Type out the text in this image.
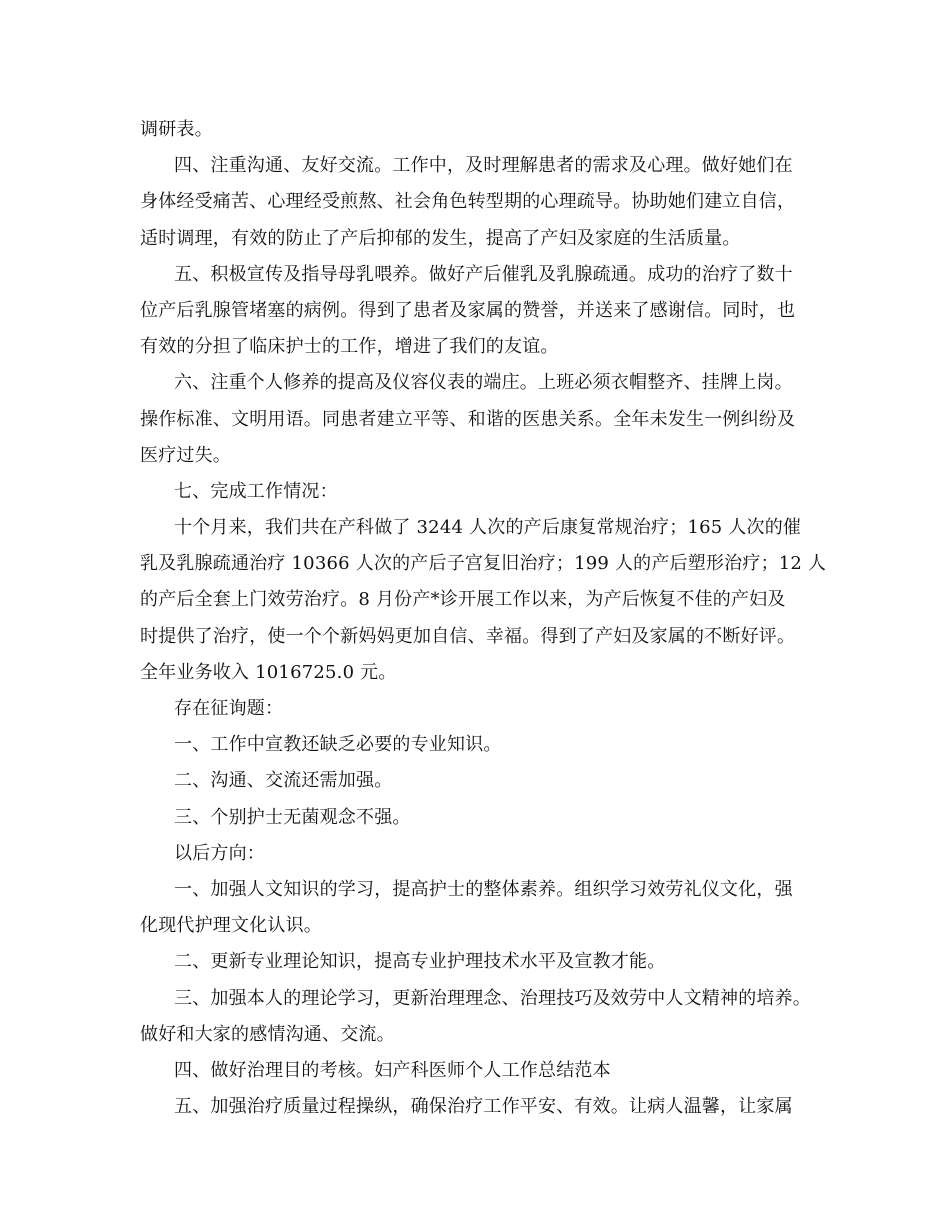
调研表。
四、注重沟通、友好交流。工作中，及时理解患者的需求及心理。做好她们在
身体经受痛苦、心理经受煎熬、社会角色转型期的心理疏导。协助她们建立自信，
适时调理，有效的防止了产后抑郁的发生，提高了产妇及家庭的生活质量。
五、积极宣传及指导母乳喂养。做好产后催乳及乳腺疏通。成功的治疗了数十
位产后乳腺管堵塞的病例。得到了患者及家属的赞誉，并送来了感谢信。同时，也
有效的分担了临床护士的工作，增进了我们的友谊。
六、注重个人修养的提高及仪容仪表的端庄。上班必须衣帽整齐、挂牌上岗。
操作标准、文明用语。同患者建立平等、和谐的医患关系。全年未发生一例纠纷及
医疗过失。
七、完成工作情况：
十个月来，我们共在产科做了 3244 人次的产后康复常规治疗；165 人次的催
乳及乳腺疏通治疗 10366 人次的产后子宫复旧治疗；199 人的产后塑形治疗；12 人
的产后全套上门效劳治疗。8 月份产*诊开展工作以来，为产后恢复不佳的产妇及
时提供了治疗，使一个个新妈妈更加自信、幸福。得到了产妇及家属的不断好评。
全年业务收入 1016725.0 元。
存在征询题：
一、工作中宣教还缺乏必要的专业知识。
二、沟通、交流还需加强。
三、个别护士无菌观念不强。
以后方向：
一、加强人文知识的学习，提高护士的整体素养。组织学习效劳礼仪文化，强
化现代护理文化认识。
二、更新专业理论知识，提高专业护理技术水平及宣教才能。
三、加强本人的理论学习，更新治理理念、治理技巧及效劳中人文精神的培养。
做好和大家的感情沟通、交流。
四、做好治理目的考核。妇产科医师个人工作总结范本
五、加强治疗质量过程操纵，确保治疗工作平安、有效。让病人温馨，让家属
